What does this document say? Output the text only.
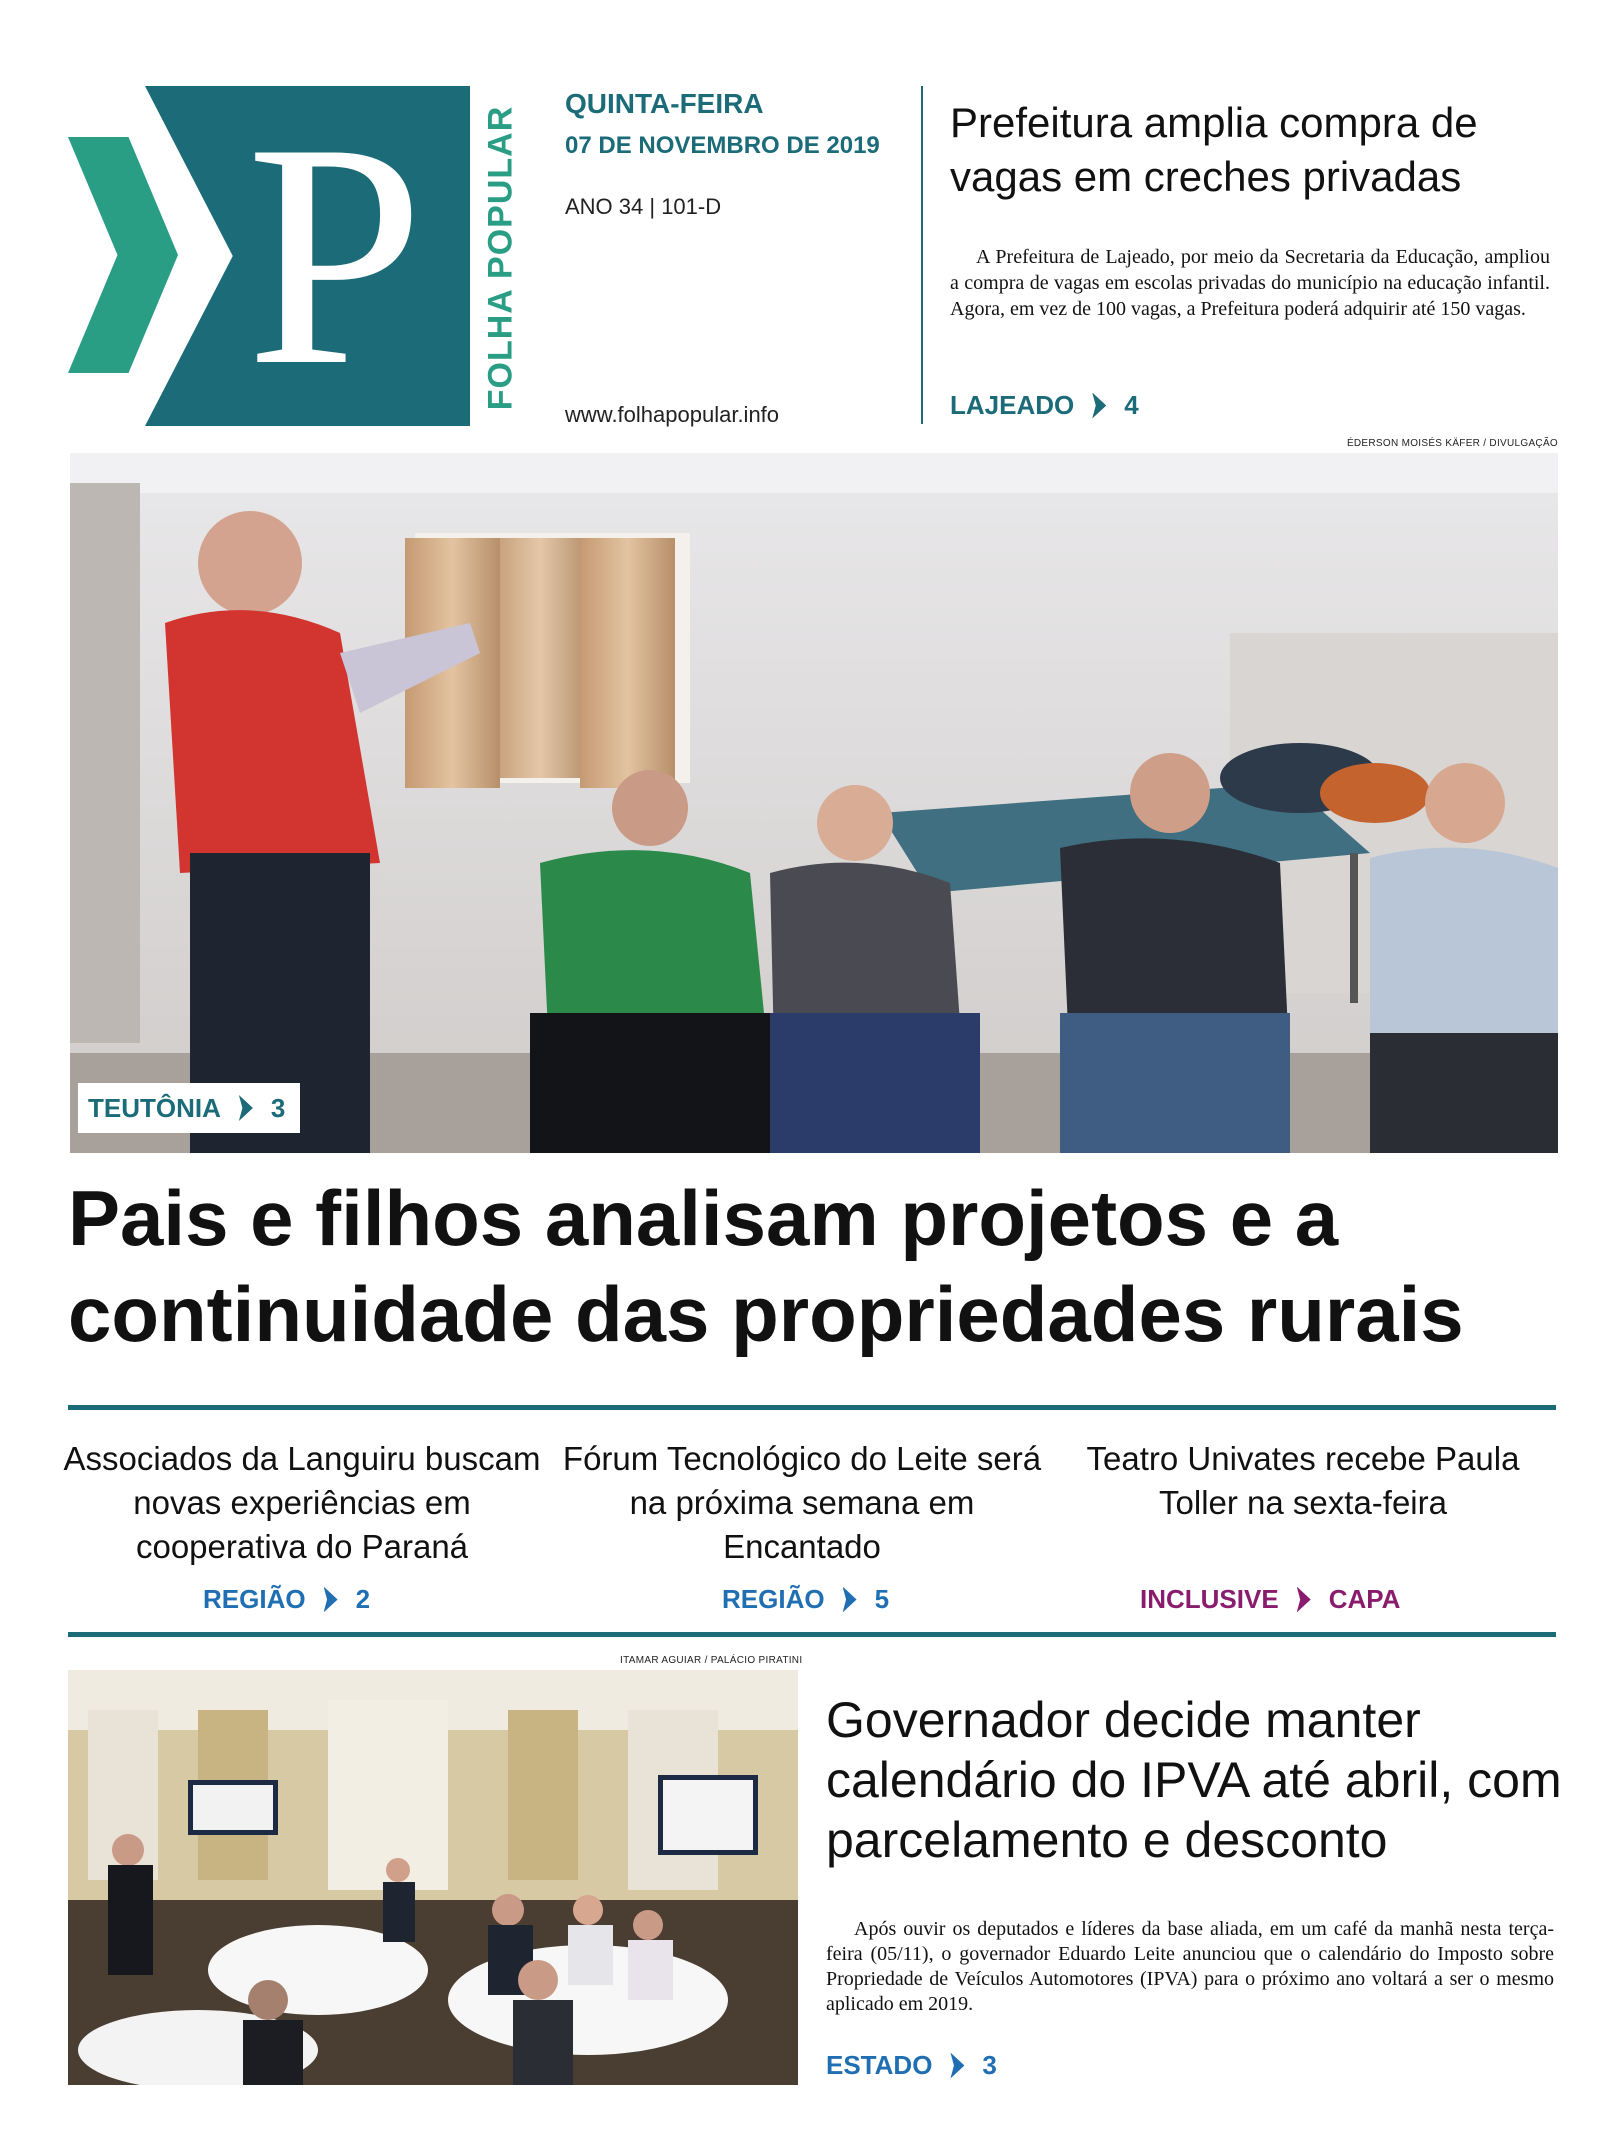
P	FOLHA POPULAR
QUINTA-FEIRA
07 DE NOVEMBRO DE 2019
ANO 34 | 101-D
www.folhapopular.info
Prefeitura amplia compra de vagas em creches privadas
A Prefeitura de Lajeado, por meio da Secretaria da Educação, ampliou a compra de vagas em escolas privadas do município na educação infantil. Agora, em vez de 100 vagas, a Prefeitura poderá adquirir até 150 vagas.
LAJEADO 4
ÉDERSON MOISÉS KÄFER / DIVULGAÇÃO
TEUTÔNIA 3
Pais e filhos analisam projetos e a
continuidade das propriedades rurais
Associados da Languiru buscam novas experiências em cooperativa do Paraná
REGIÃO 2
Fórum Tecnológico do Leite será na próxima semana em Encantado
REGIÃO 5
Teatro Univates recebe Paula Toller na sexta-feira
INCLUSIVE CAPA
ITAMAR AGUIAR / PALÁCIO PIRATINI
Governador decide manter calendário do IPVA até abril, com parcelamento e desconto
Após ouvir os deputados e líderes da base aliada, em um café da manhã nesta terça-feira (05/11), o governador Eduardo Leite anunciou que o calendário do Imposto sobre Propriedade de Veículos Automotores (IPVA) para o próximo ano voltará a ser o mesmo aplicado em 2019.
ESTADO 3
